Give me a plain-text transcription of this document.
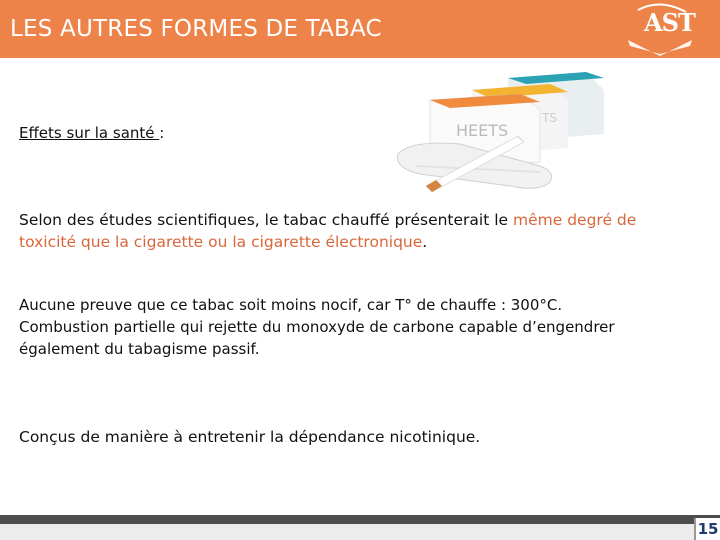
LES AUTRES FORMES DE TABAC	AST
HEETS
TS
Effets sur la santé :
Selon des études scientifiques, le tabac chauffé présenterait le même degré de toxicité que la cigarette ou la cigarette électronique.
Aucune preuve que ce tabac soit moins nocif, car T° de chauffe : 300°C.
Combustion partielle qui rejette du monoxyde de carbone capable d’engendrer également du tabagisme passif.
Conçus de manière à entretenir la dépendance nicotinique.
15
